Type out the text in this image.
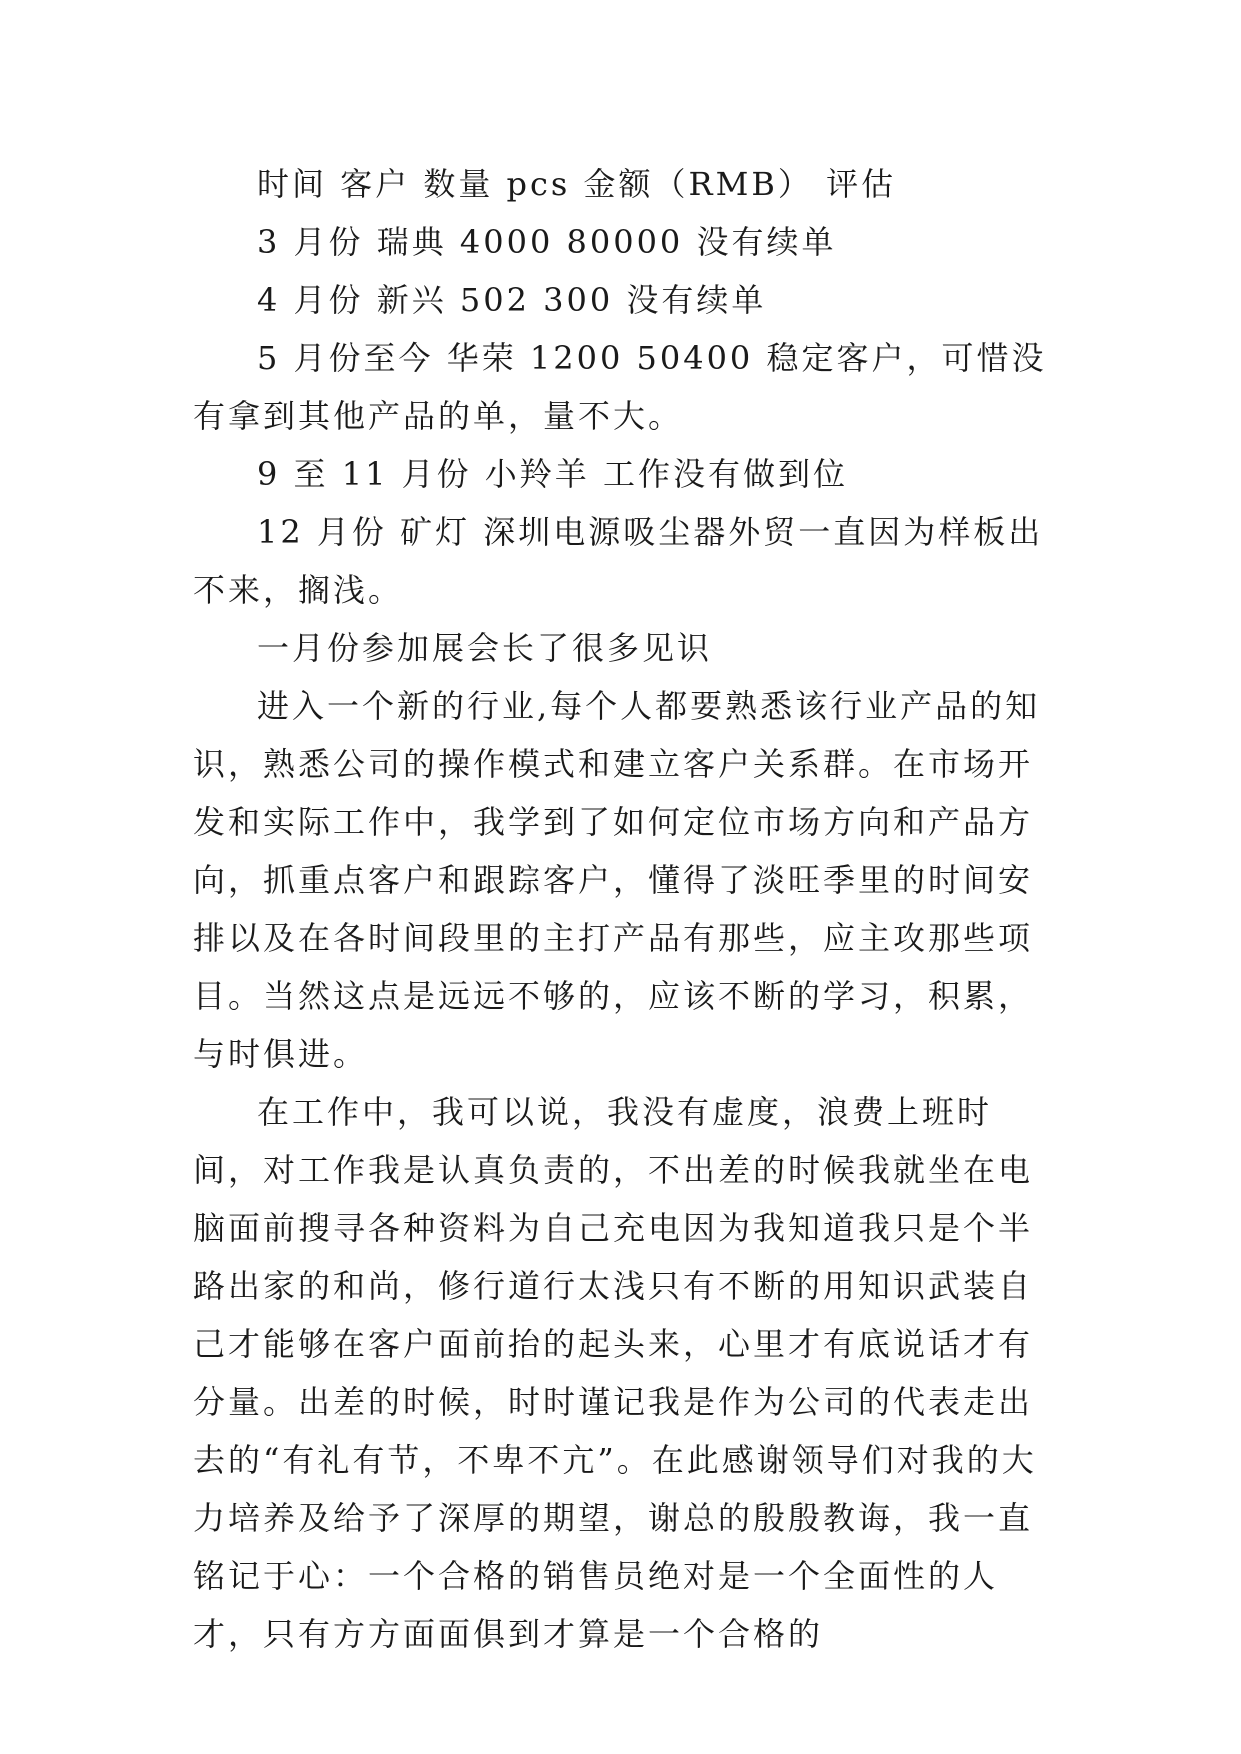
时间 客户 数量 pcs 金额（RMB） 评估

3 月份 瑞典 4000 80000 没有续单

4 月份 新兴 502 300 没有续单

5 月份至今 华荣 1200 50400 稳定客户，可惜没有拿到其他产品的单，量不大。

9 至 11 月份 小羚羊 工作没有做到位

12 月份 矿灯 深圳电源吸尘器外贸一直因为样板出不来，搁浅。

一月份参加展会长了很多见识

进入一个新的行业,每个人都要熟悉该行业产品的知识，熟悉公司的操作模式和建立客户关系群。在市场开发和实际工作中，我学到了如何定位市场方向和产品方向，抓重点客户和跟踪客户，懂得了淡旺季里的时间安排以及在各时间段里的主打产品有那些，应主攻那些项目。当然这点是远远不够的，应该不断的学习，积累，与时俱进。

在工作中，我可以说，我没有虚度，浪费上班时间，对工作我是认真负责的，不出差的时候我就坐在电脑面前搜寻各种资料为自己充电因为我知道我只是个半路出家的和尚，修行道行太浅只有不断的用知识武装自己才能够在客户面前抬的起头来，心里才有底说话才有分量。出差的时候，时时谨记我是作为公司的代表走出去的“有礼有节，不卑不亢”。在此感谢领导们对我的大力培养及给予了深厚的期望，谢总的殷殷教诲，我一直铭记于心：一个合格的销售员绝对是一个全面性的人才，只有方方面面俱到才算是一个合格的
